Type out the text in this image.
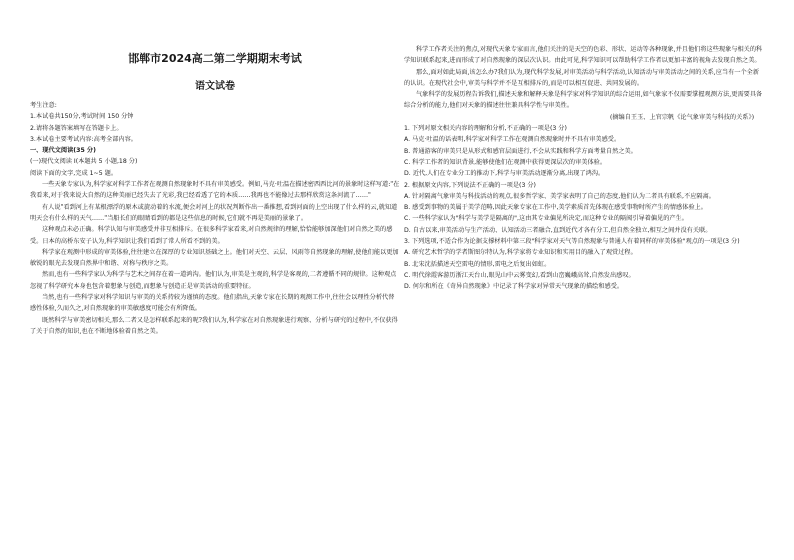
邯郸市2024高二第二学期期末考试
语文试卷

考生注意:

1.本试卷共150分,考试时间 150 分钟

2.请将各题答案填写在答题卡上。

3.本试卷主要考试内容:高考全部内容。

一、现代文阅读(35 分)

(一)现代文阅读 I(本题共 5 小题,18 分)

阅读下面的文字,完成 1~5 题。

一些天象专家认为,科学家对科学工作者在观测自然现象时不具有审美感受。例如,马克·吐温在描述密西西比河的景象时这样写道:"在我看来,对于我来说大自然的这种美丽已经失去了光彩,我已经看透了它的本质……我再也不能像过去那样欣赏这条河流了……"

有人说"看到河上有某根漂浮的原木或旋动着的水流,便会对河上的状况判断作出一番推想,看到河面的上空出现了什么样的云,就知道明天会有什么样的天气……"当船长们的眼睛看到的都是这些信息的时候,它们就不再是美丽的景象了。

这种观点未必正确。科学认知与审美感受并非互相排斥。在很多科学家看来,对自然规律的理解,恰恰能够加深他们对自然之美的感受。日本的高桥东安子认为,科学知识让我们看到了常人所看不到的美。

科学家在观测中形成的审美体验,往往建立在深厚的专业知识基础之上。他们对天空、云层、风雨等自然现象的理解,使他们能以更加敏锐的眼光去发现自然界中和谐、对称与秩序之美。

然而,也有一些科学家认为科学与艺术之间存在着一道鸿沟。他们认为,审美是主观的,科学是客观的,二者遵循不同的规律。这种观点忽视了科学研究本身也包含着想象与创造,而想象与创造正是审美活动的重要特征。

当然,也有一些科学家对科学知识与审美的关系持较为谨慎的态度。他们指出,天象专家在长期的观测工作中,往往会以理性分析代替感性体验,久而久之,对自然现象的审美敏感度可能会有所降低。

既然科学与审美密切相关,那么二者又是怎样联系起来的呢?我们认为,科学家在对自然现象进行观察、分析与研究的过程中,不仅获得了关于自然的知识,也在不断地体验着自然之美。

科学工作者关注的焦点,对现代天象专家而言,他们关注的是天空的色彩、形状、运动等各种现象,并且他们将这些现象与相关的科学知识联系起来,进而形成了对自然现象的深层次认识。由此可见,科学知识可以帮助科学工作者以更加丰富的视角去发现自然之美。

那么,面对如此局面,该怎么办?我们认为,现代科学发展,对审美活动与科学活动,认知活动与审美活动之间的关系,应当有一个全新的认识。在现代社会中,审美与科学并不是互相排斥的,而是可以相互促进、共同发展的。

气象科学的发展历程告诉我们,描述天象和解释天象是科学家对科学知识的综合运用,如气象家不仅需要掌握观测方法,更需要具备综合分析的能力,他们对天象的描述往往兼具科学性与审美性。

(摘编自王玉、上官宗帆《论气象审美与科技的关系》)

1. 下列对原文相关内容的理解和分析,不正确的一项是(3 分)

A. 马克·吐温的话表明,科学家对科学工作在观测自然现象时并不具有审美感受。

B. 普通游客的审美只是从形式和感官层面进行,不会从实践和科学方面考量自然之美。

C. 科学工作者的知识背景,能够使他们在观测中获得更深层次的审美体验。

D. 近代,人们在专业分工的推动下,科学与审美活动逐渐分离,出现了鸿沟。

2. 根据原文内容,下列说法不正确的一项是(3 分)

A. 针对隔离气象审美与科技活动的观点,很多哲学家、美学家表明了自己的态度,他们认为二者具有联系,不应隔离。

B. 感受到事物的美属于美学范畴,因此天象专家在工作中,美学素质首先体现在感受事物时所产生的情感体验上。

C. 一些科学家认为"科学与美学是隔离的",这由其专业偏见所决定,而这种专业的隔阂引导着偏见的产生。

D. 自古以来,审美活动与生产活动、认知活动三者融合,直到近代才各有分工,但自然全独立,相互之间并没有关联。

3. 下列选项,不适合作为论据支撑材料中第三段"科学家对天气等自然现象与普通人有着同样的审美体验"观点的一项是(3 分)

A. 研究艺术哲学的学者斯图尔特认为,科学家将专业知识和实用目的融入了观赏过程。

B. 北宋沈括描述天空雷电的情形,雷电之后复出如虹。

C. 明代徐霞客游历浙江天台山,眼见山中云雾变幻,看到山峦巍峨高耸,自然发出感叹。

D. 何尔和所在《奇异自然现象》中记录了科学家对异常天气现象的描绘和感受。
